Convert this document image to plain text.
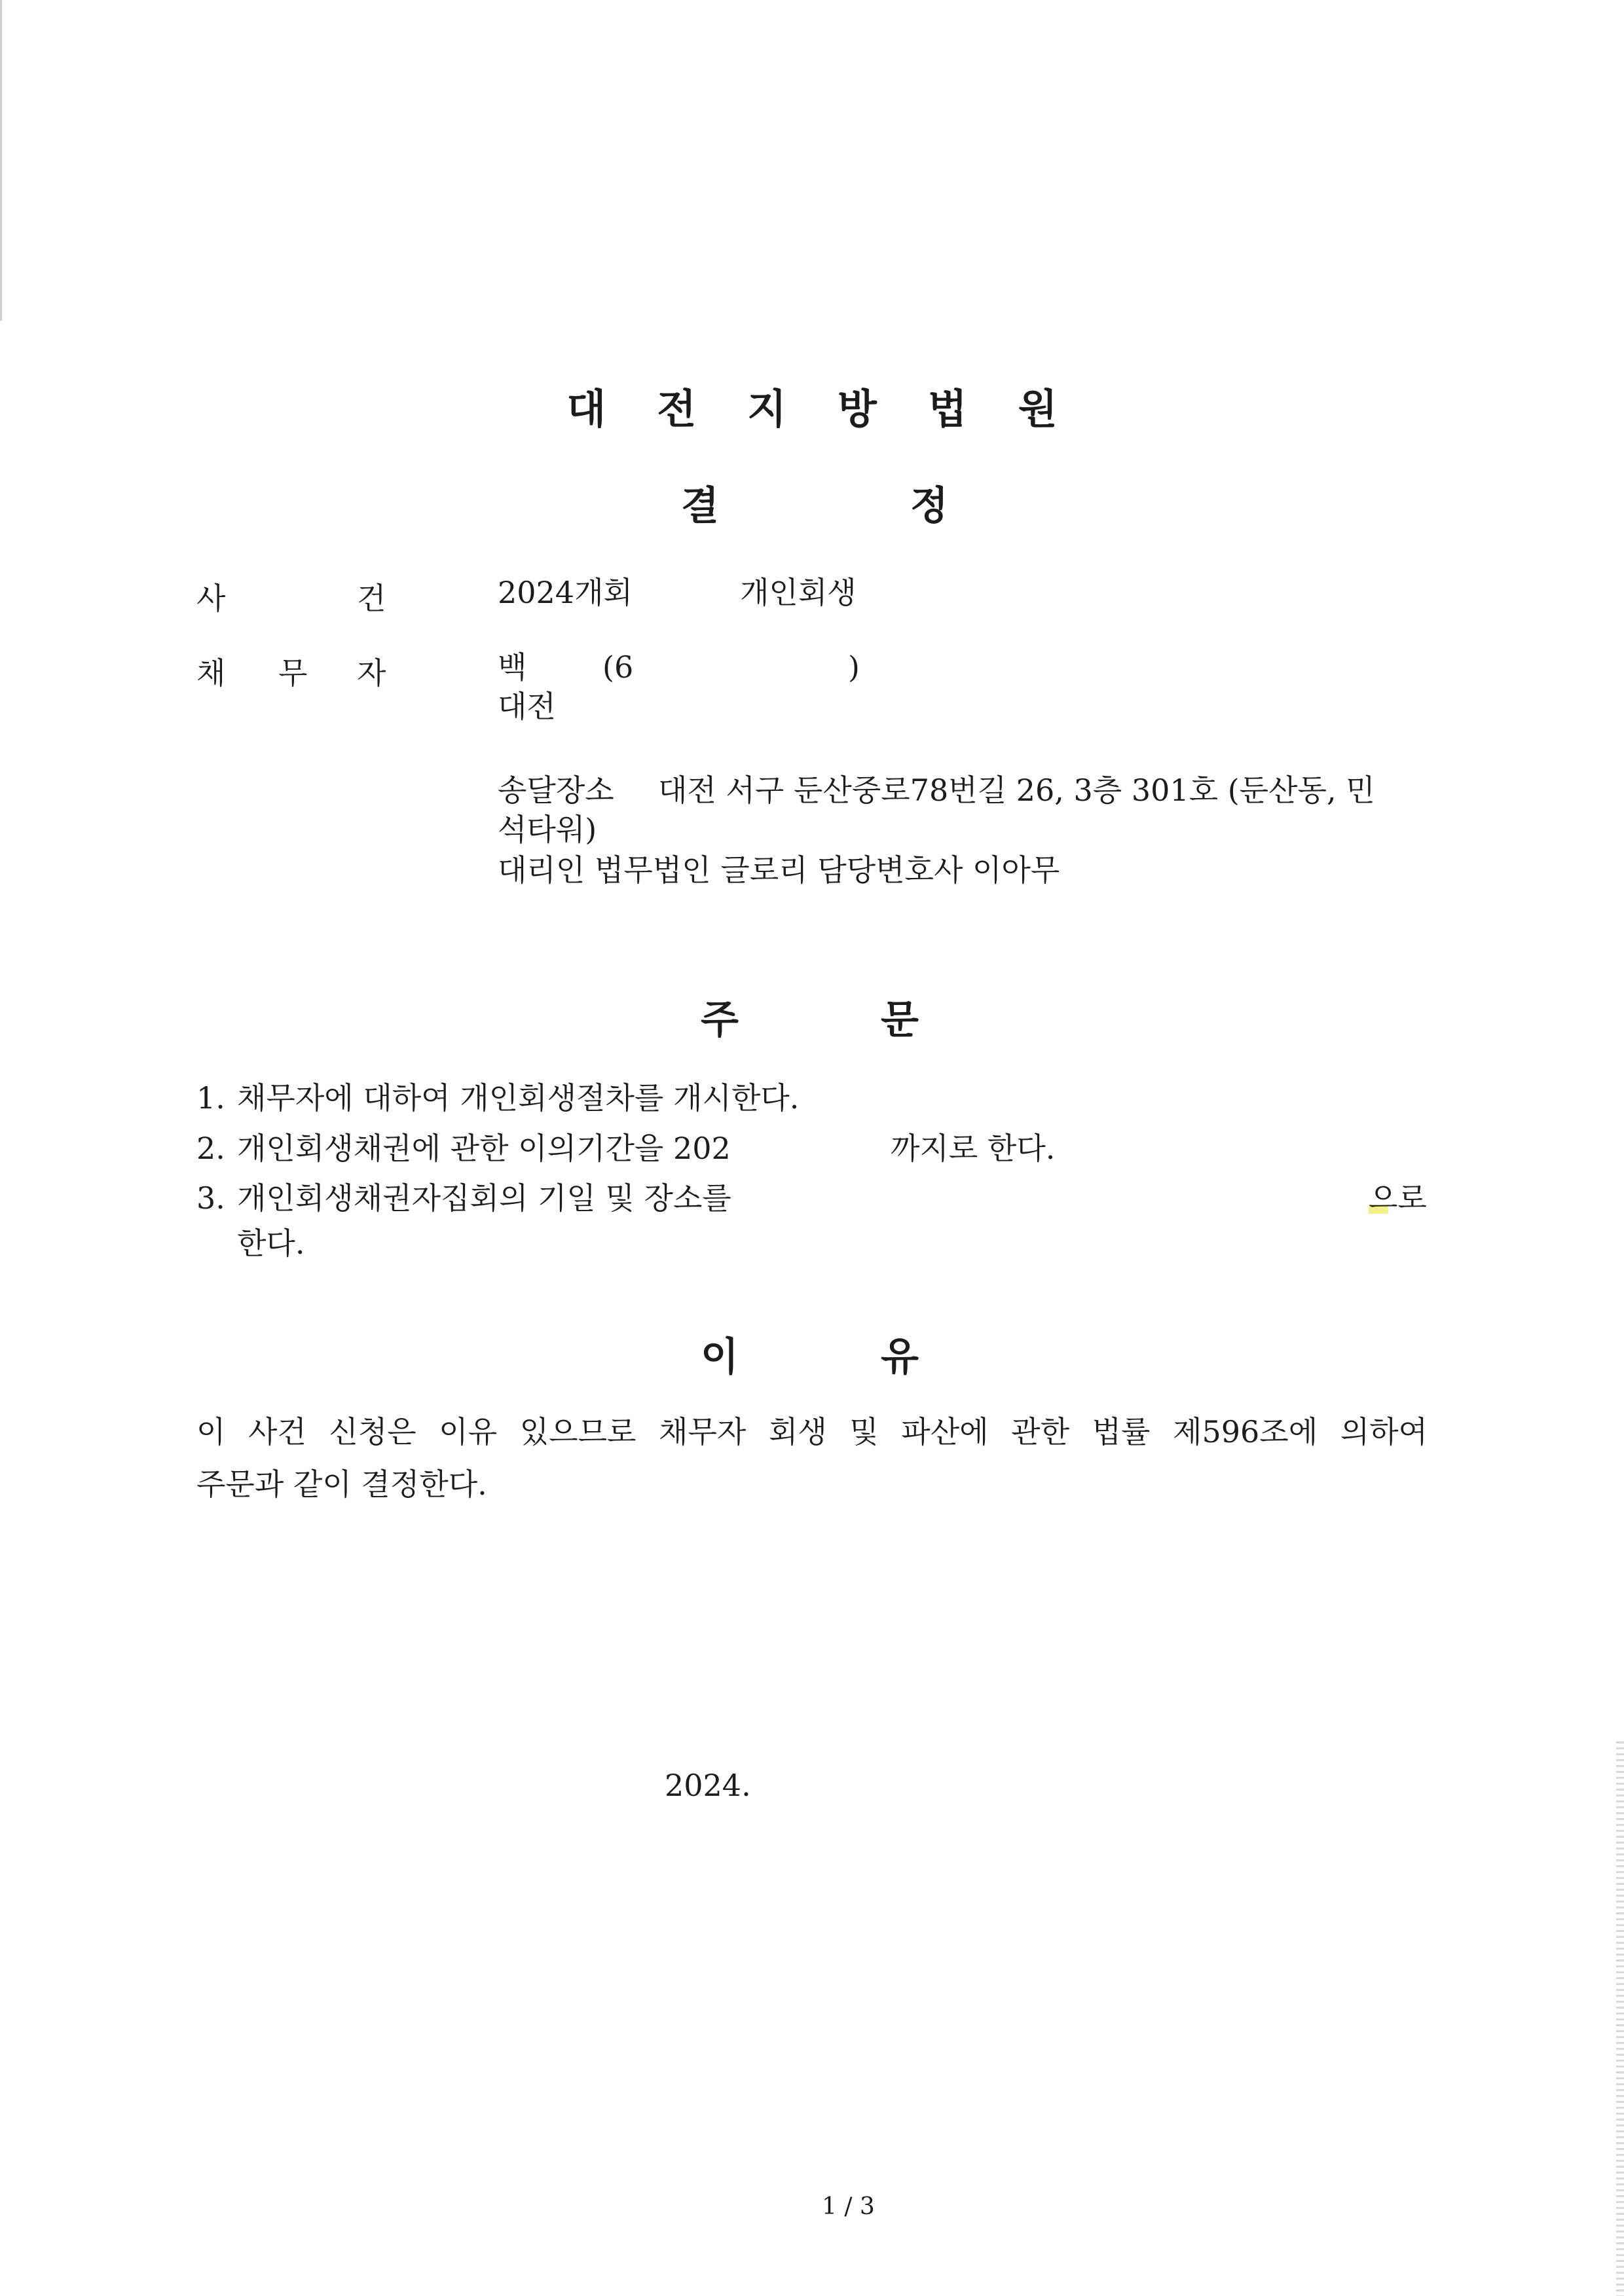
대전지방법원
결	정
사	건	2024개회	개인회생
채 무 자	백	(6	)
대전
송달장소 대전 서구 둔산중로78번길 26, 3층 301호 (둔산동, 민
석타워)
대리인 법무법인 글로리 담당변호사 이아무
주	문
1. 채무자에 대하여 개인회생절차를 개시한다.
2. 개인회생채권에 관한 이의기간을 202	까지로 한다.
3. 개인회생채권자집회의 기일 및 장소를	으로
한다.
이	유
이 사건 신청은 이유 있으므로 채무자 회생 및 파산에 관한 법률 제596조에 의하여
주문과 같이 결정한다.
2024.
1 / 3
